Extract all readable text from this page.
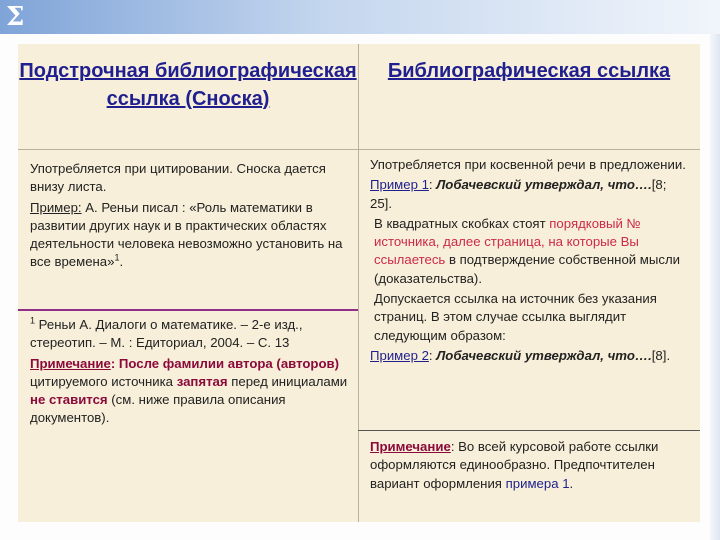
Σ
Подстрочная библиографическая ссылка (Сноска)
Библиографическая ссылка
Употребляется при цитировании. Сноска дается внизу листа.
Пример: А. Реньи писал : «Роль математики в развитии других наук и в практических областях деятельности человека невозможно установить на все времена»$^1$.
$^1$ Реньи А. Диалоги о математике. – 2-е изд., стереотип. – М. : Едиториал, 2004. – С. 13
Примечание: После фамилии автора (авторов) цитируемого источника запятая перед инициалами не ставится (см. ниже правила описания документов).
Употребляется при косвенной речи в предложении.
Пример 1: Лобачевский утверждал, что….[8; 25].
В квадратных скобках стоят порядковый № источника, далее страница, на которые Вы ссылаетесь в подтверждение собственной мысли (доказательства).
Допускается ссылка на источник без указания страниц. В этом случае ссылка выглядит следующим образом:
Пример 2: Лобачевский утверждал, что….[8].
Примечание: Во всей курсовой работе ссылки оформляются единообразно. Предпочтителен вариант оформления примера 1.
